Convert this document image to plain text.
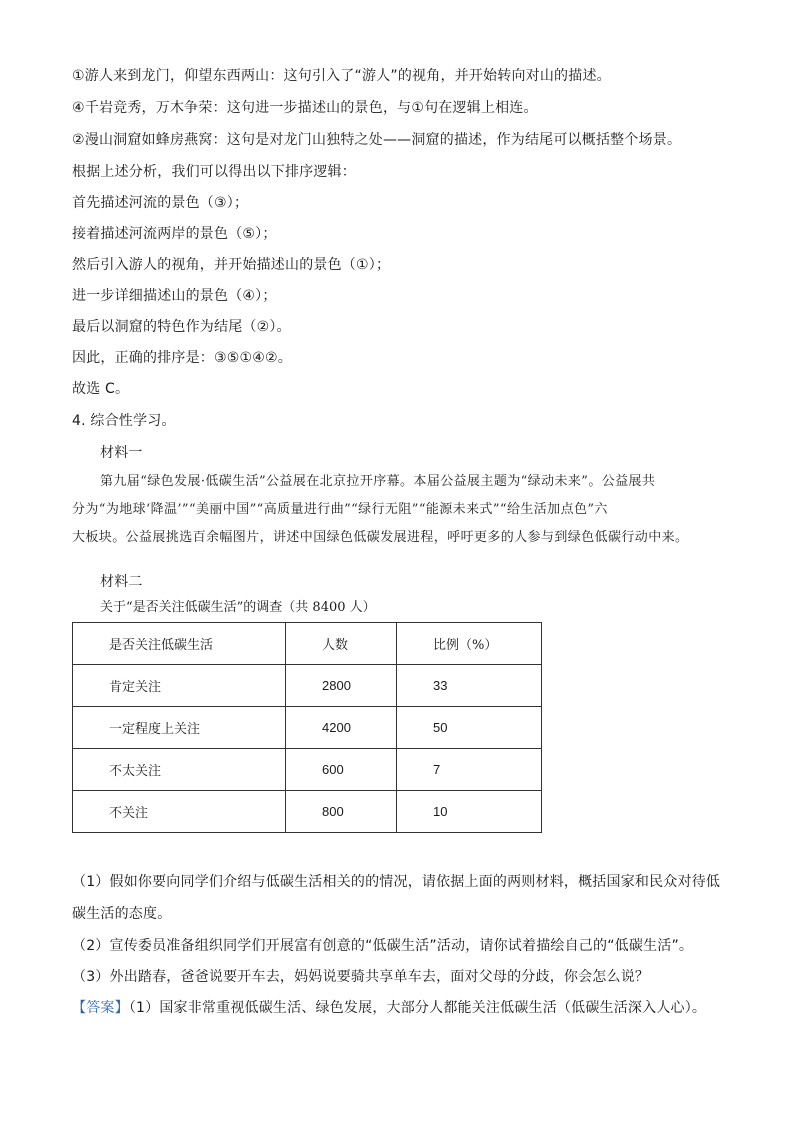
①游人来到龙门，仰望东西两山：这句引入了“游人”的视角，并开始转向对山的描述。
④千岩竞秀，万木争荣：这句进一步描述山的景色，与①句在逻辑上相连。
②漫山洞窟如蜂房燕窝：这句是对龙门山独特之处——洞窟的描述，作为结尾可以概括整个场景。
根据上述分析，我们可以得出以下排序逻辑：
首先描述河流的景色（③）；
接着描述河流两岸的景色（⑤）；
然后引入游人的视角，并开始描述山的景色（①）；
进一步详细描述山的景色（④）；
最后以洞窟的特色作为结尾（②）。
因此，正确的排序是：③⑤①④②。
故选 C。
4. 综合性学习。
材料一

第九届“绿色发展·低碳生活”公益展在北京拉开序幕。本届公益展主题为“绿动未来”。公益展共

分为“为地球‘降温’”“美丽中国”“高质量进行曲”“绿行无阻”“能源未来式”“给生活加点色”六

大板块。公益展挑选百余幅图片，讲述中国绿色低碳发展进程，呼吁更多的人参与到绿色低碳行动中来。

材料二
关于“是否关注低碳生活”的调查（共 8400 人）
是否关注低碳生活	人数	比例（%）
肯定关注	2800	33
一定程度上关注	4200	50
不太关注	600	7
不关注	800	10
（1）假如你要向同学们介绍与低碳生活相关的的情况，请依据上面的两则材料，概括国家和民众对待低
碳生活的态度。
（2）宣传委员准备组织同学们开展富有创意的“低碳生活”活动，请你试着描绘自己的“低碳生活”。
（3）外出踏春，爸爸说要开车去，妈妈说要骑共享单车去，面对父母的分歧，你会怎么说？
【答案】（1）国家非常重视低碳生活、绿色发展，大部分人都能关注低碳生活（低碳生活深入人心）。
